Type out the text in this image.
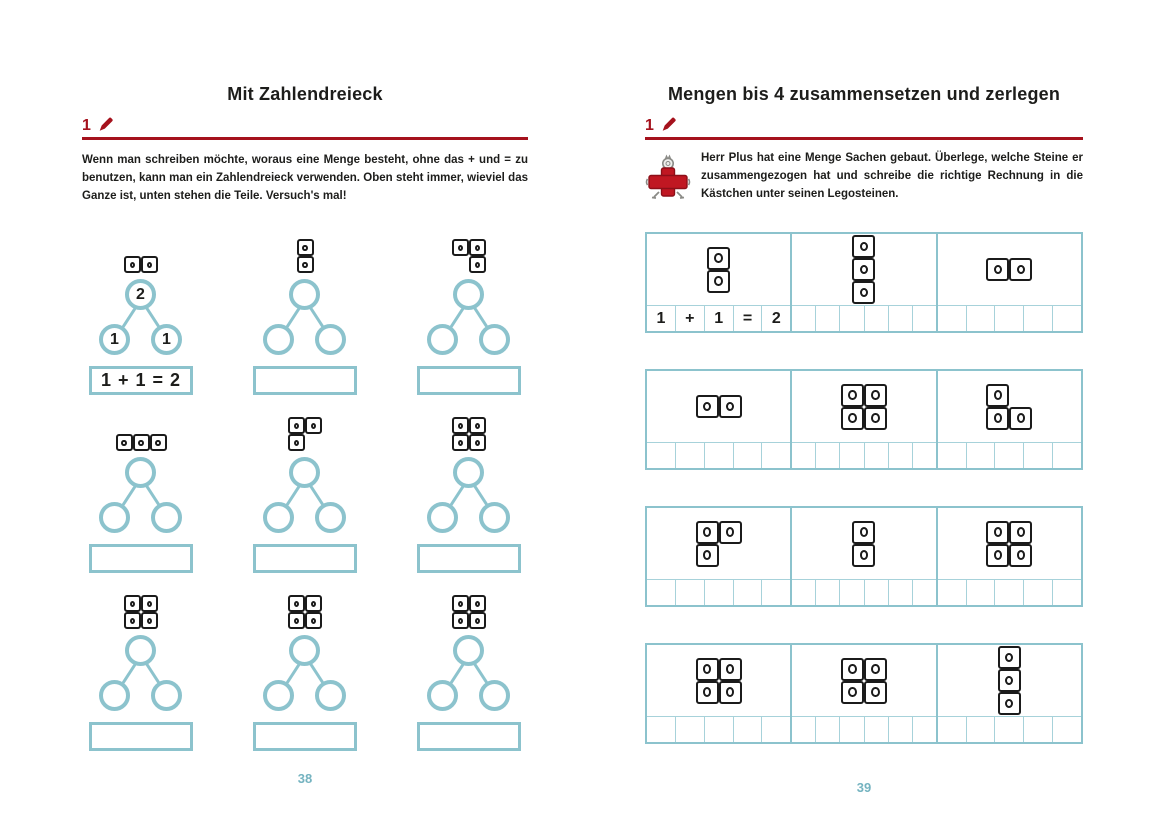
Mit Zahlendreieck
1

Wenn man schreiben möchte, woraus eine Menge besteht, ohne das + und = zu benutzen, kann man ein Zahlendreieck verwenden. Oben steht immer, wieviel das Ganze ist, unten stehen die Teile. Versuch's mal!

2
1	1
1 + 1 = 2
38
Mengen bis 4 zusammensetzen und zerlegen
1

Herr Plus hat eine Menge Sachen gebaut. Überlege, welche Steine er zusammengezogen hat und schreibe die richtige Rechnung in die Kästchen unter seinen Legosteinen.

1	+	1	=	2
39
